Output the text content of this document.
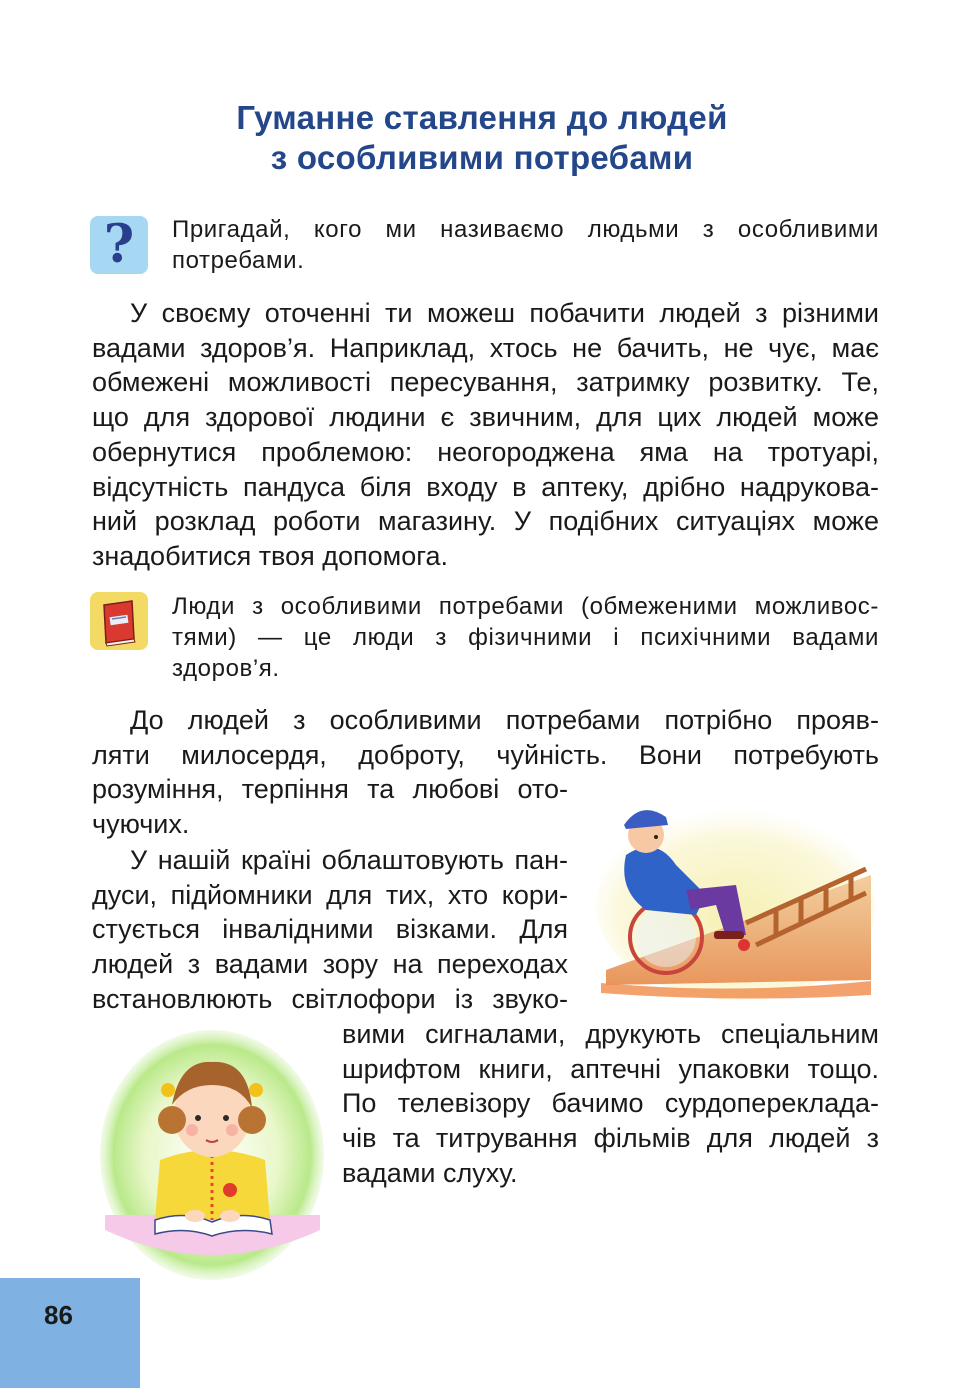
Гуманне ставлення до людей
з особливими потребами
? Пригадай, кого ми називаємо людьми з особливими
потребами.
У своєму оточенні ти можеш побачити людей з різними
вадами здоров’я. Наприклад, хтось не бачить, не чує, має
обмежені можливості пересування, затримку розвитку. Те,
що для здорової людини є звичним, для цих людей може
обернутися проблемою: неогороджена яма на тротуарі,
відсутність пандуса біля входу в аптеку, дрібно надрукова-
ний розклад роботи магазину. У подібних ситуаціях може
знадобитися твоя допомога.
Люди з особливими потребами (обмеженими можливос-
тями) — це люди з фізичними і психічними вадами
здоров’я.
До людей з особливими потребами потрібно прояв-
ляти милосердя, доброту, чуйність. Вони потребують
розуміння, терпіння та любові ото-
чуючих.
У нашій країні облаштовують пан-
дуси, підйомники для тих, хто кори-
стується інвалідними візками. Для
людей з вадами зору на переходах
встановлюють світлофори із звуко-
вими сигналами, друкують спеціальним
шрифтом книги, аптечні упаковки тощо.
По телевізору бачимо сурдопереклада-
чів та титрування фільмів для людей з
вадами слуху.
86
